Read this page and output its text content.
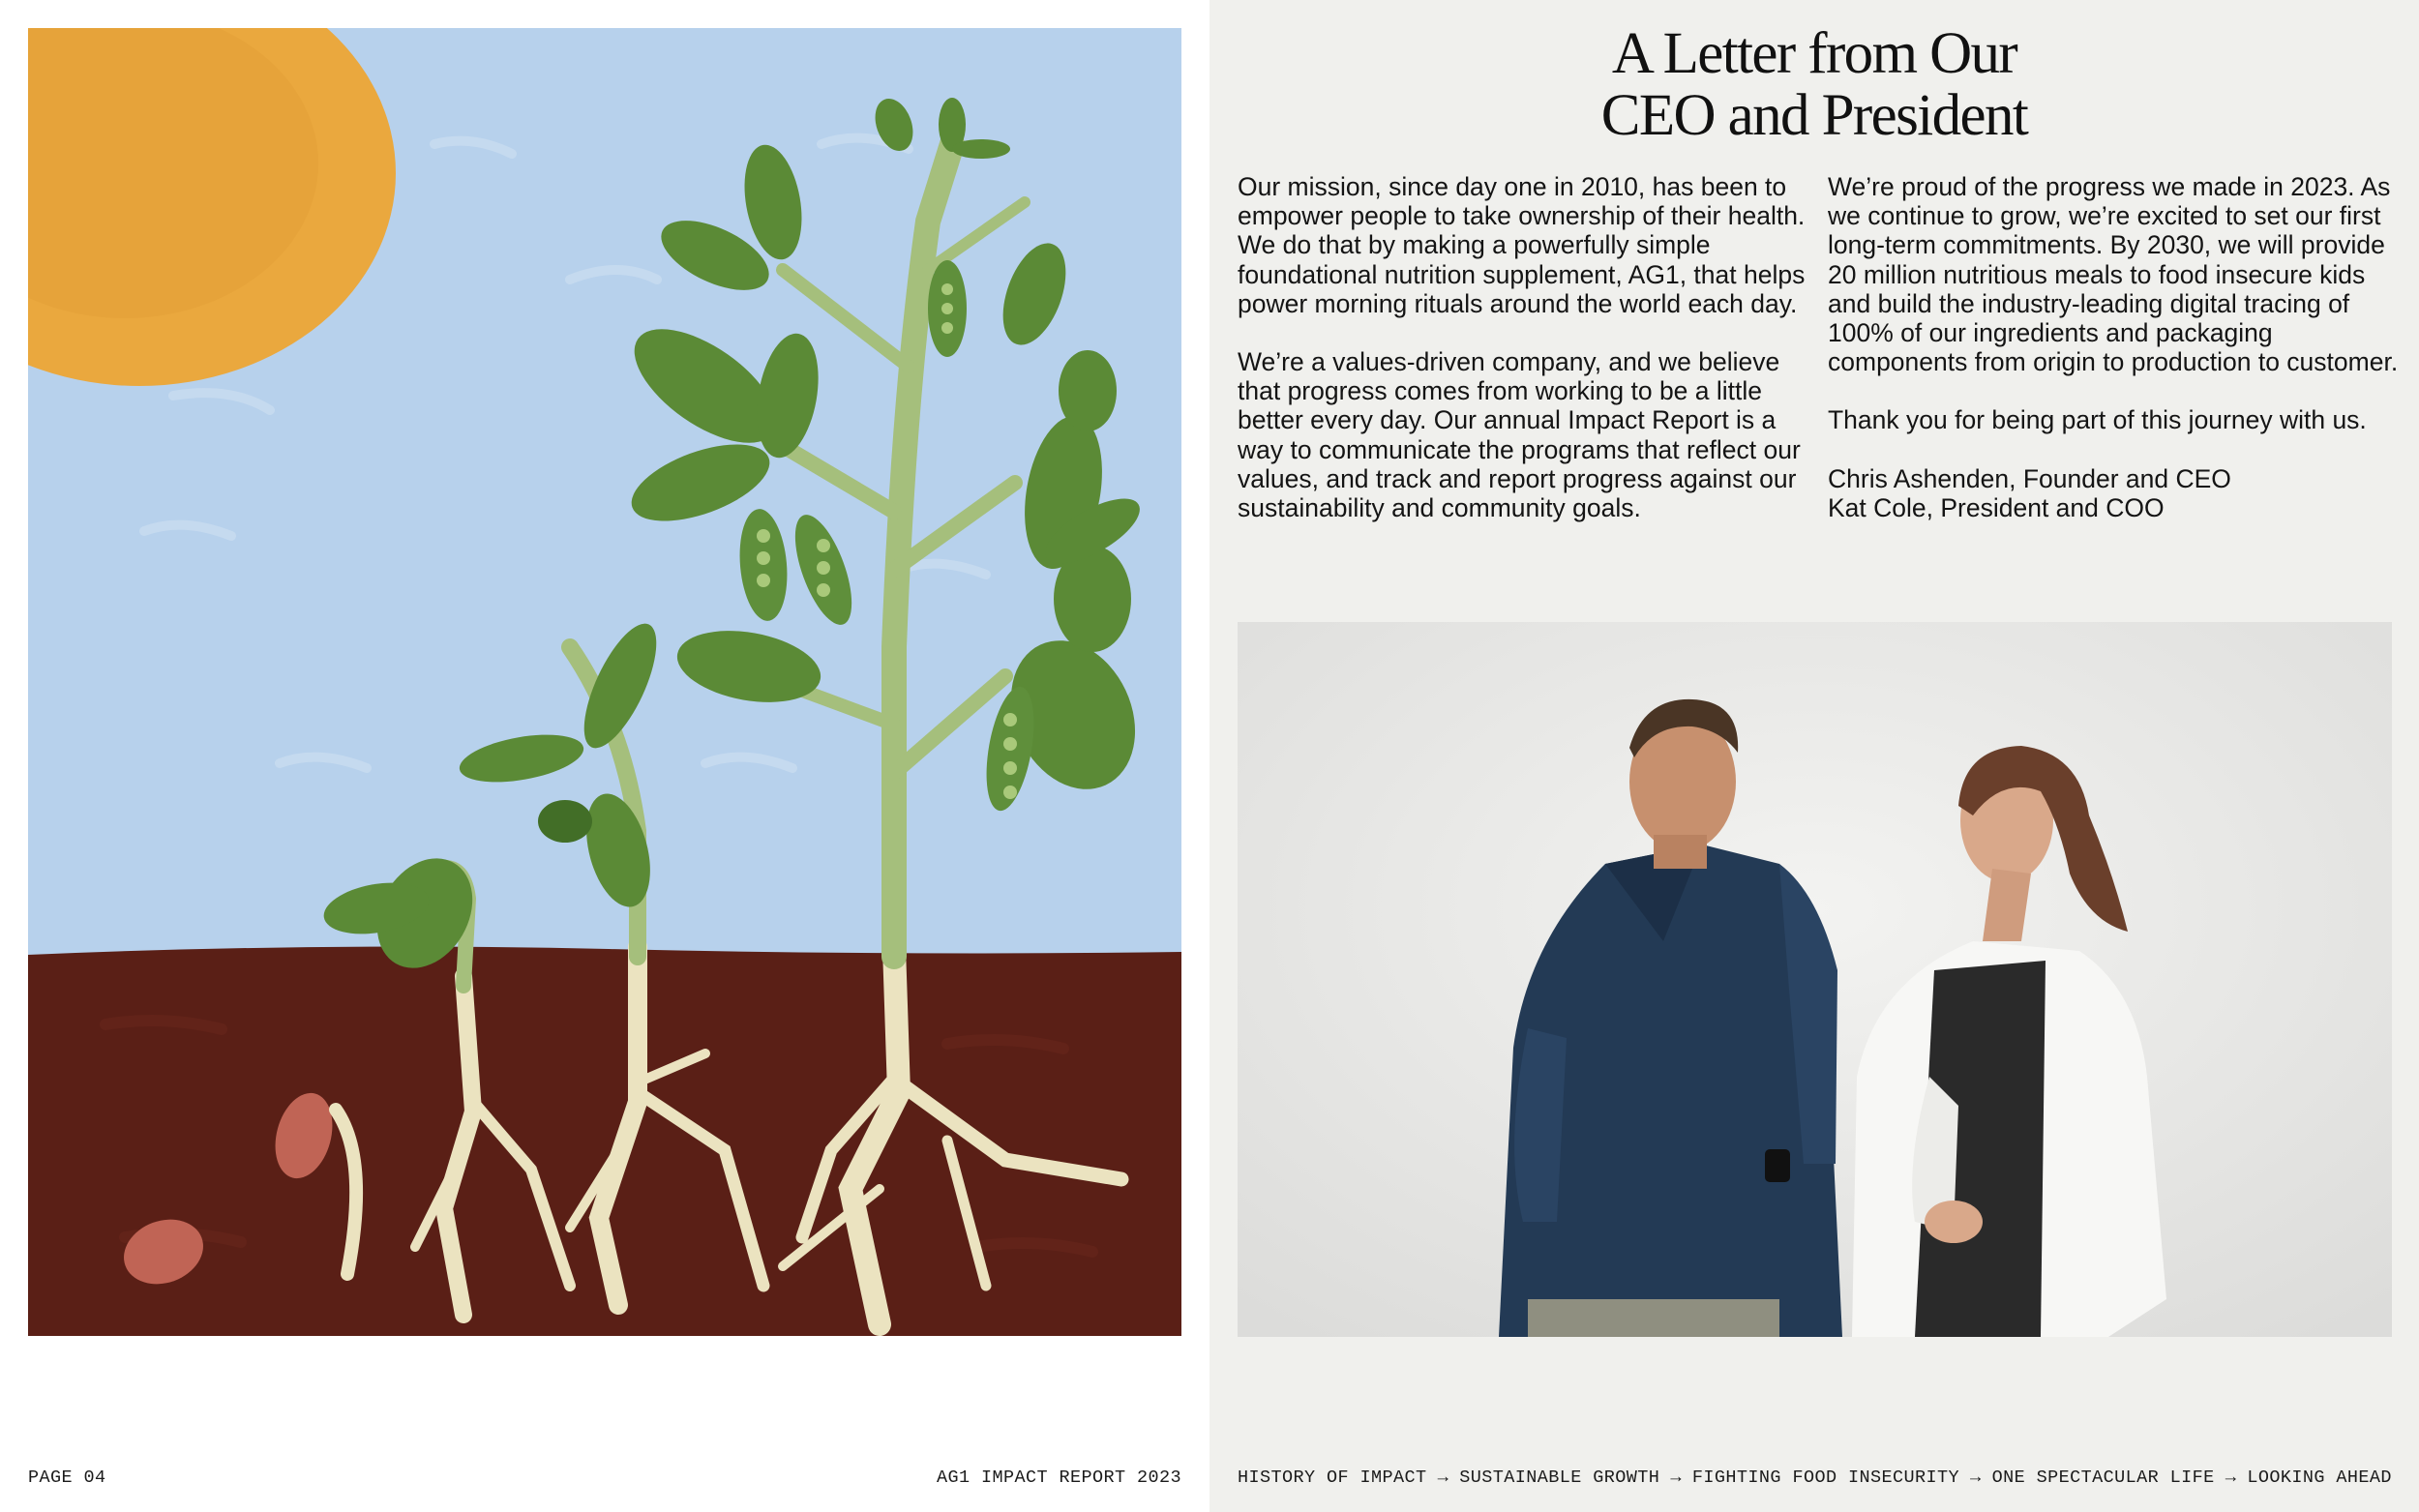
PAGE 04	AG1 IMPACT REPORT 2023
A Letter from Our
CEO and President

Our mission, since day one in 2010, has been to empower people to take ownership of their health. We do that by making a powerfully simple foundational nutrition supplement, AG1, that helps power morning rituals around the world each day.

We’re a values-driven company, and we believe that progress comes from working to be a little better every day. Our annual Impact Report is a way to communicate the programs that reflect our values, and track and report progress against our sustainability and community goals.

We’re proud of the progress we made in 2023. As we continue to grow, we’re excited to set our first long-term commitments. By 2030, we will provide 20 million nutritious meals to food insecure kids and build the industry-leading digital tracing of 100% of our ingredients and packaging components from origin to production to customer.

Thank you for being part of this journey with us.

Chris Ashenden, Founder and CEO
Kat Cole, President and COO
HISTORY OF IMPACT → SUSTAINABLE GROWTH → FIGHTING FOOD INSECURITY → ONE SPECTACULAR LIFE → LOOKING AHEAD
